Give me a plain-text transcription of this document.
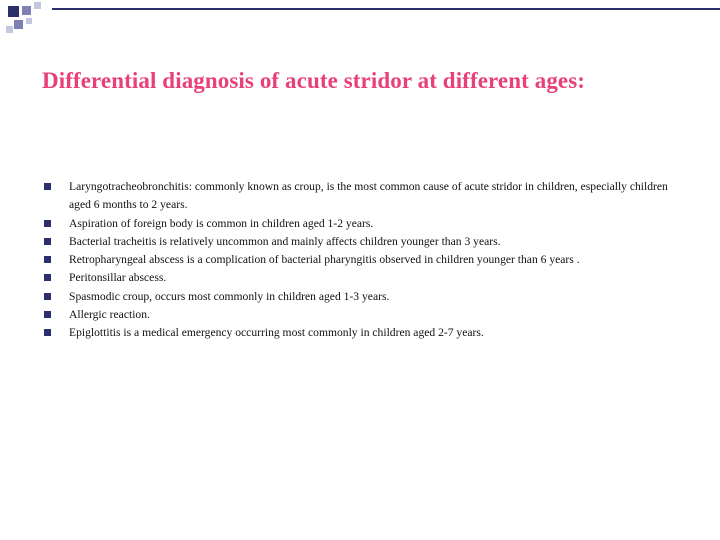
Differential diagnosis of acute stridor at different ages:
Laryngotracheobronchitis: commonly known as croup, is the most common cause of acute stridor in children, especially children aged 6 months to 2 years.
Aspiration of foreign body is common in children aged 1-2 years.
Bacterial tracheitis is relatively uncommon and mainly affects children younger than 3 years.
Retropharyngeal abscess is a complication of bacterial pharyngitis observed in children younger than 6 years .
Peritonsillar abscess.
Spasmodic croup, occurs most commonly in children aged 1-3 years.
Allergic reaction.
Epiglottitis is a medical emergency occurring most commonly in children aged 2-7 years.
